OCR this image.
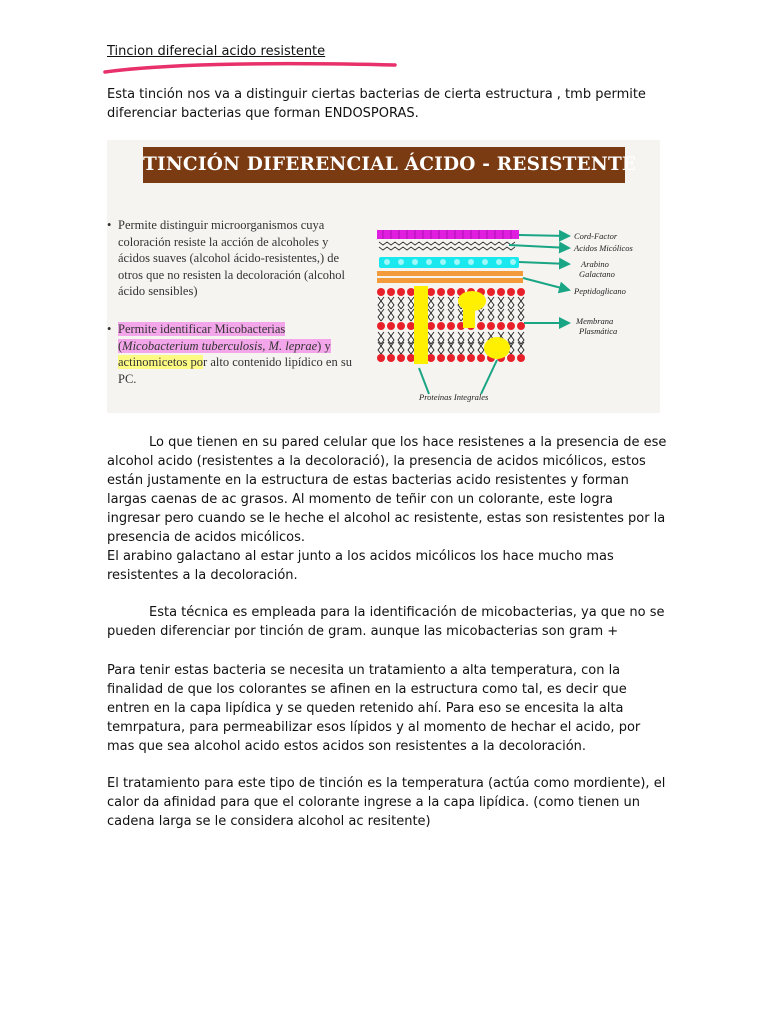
Tincion diferecial acido resistente
Esta tinción nos va a distinguir ciertas bacterias de cierta estructura , tmb permite diferenciar bacterias que forman ENDOSPORAS.
TINCIÓN DIFERENCIAL ÁCIDO - RESISTENTE
• Permite distinguir microorganismos cuya coloración resiste la acción de alcoholes y ácidos suaves (alcohol ácido-resistentes,) de otros que no resisten la decoloración (alcohol ácido sensibles)
• Permite identificar Micobacterias (Micobacterium tuberculosis, M. leprae) y actinomicetos por alto contenido lipídico en su PC.
Cord-Factor
Acidos Micólicos
Arabino
Galactano
Peptidoglicano
Membrana
Plasmática
Proteinas Integrales
Lo que tienen en su pared celular que los hace resistenes a la presencia de ese alcohol acido (resistentes a la decoloració), la presencia de acidos micólicos, estos están justamente en la estructura de estas bacterias acido resistentes y forman largas caenas de ac grasos. Al momento de teñir con un colorante, este logra ingresar pero cuando se le heche el alcohol ac resistente, estas son resistentes por la presencia de acidos micólicos.
El arabino galactano al estar junto a los acidos micólicos los hace mucho mas resistentes a la decoloración.
Esta técnica es empleada para la identificación de micobacterias, ya que no se pueden diferenciar por tinción de gram. aunque las micobacterias son gram +
Para tenir estas bacteria se necesita un tratamiento a alta temperatura, con la finalidad de que los colorantes se afinen en la estructura como tal, es decir que entren en la capa lipídica y se queden retenido ahí. Para eso se encesita la alta temrpatura, para permeabilizar esos lípidos y al momento de hechar el acido, por mas que sea alcohol acido estos acidos son resistentes a la decoloración.
El tratamiento para este tipo de tinción es la temperatura (actúa como mordiente), el calor da afinidad para que el colorante ingrese a la capa lipídica. (como tienen un cadena larga se le considera alcohol ac resitente)
